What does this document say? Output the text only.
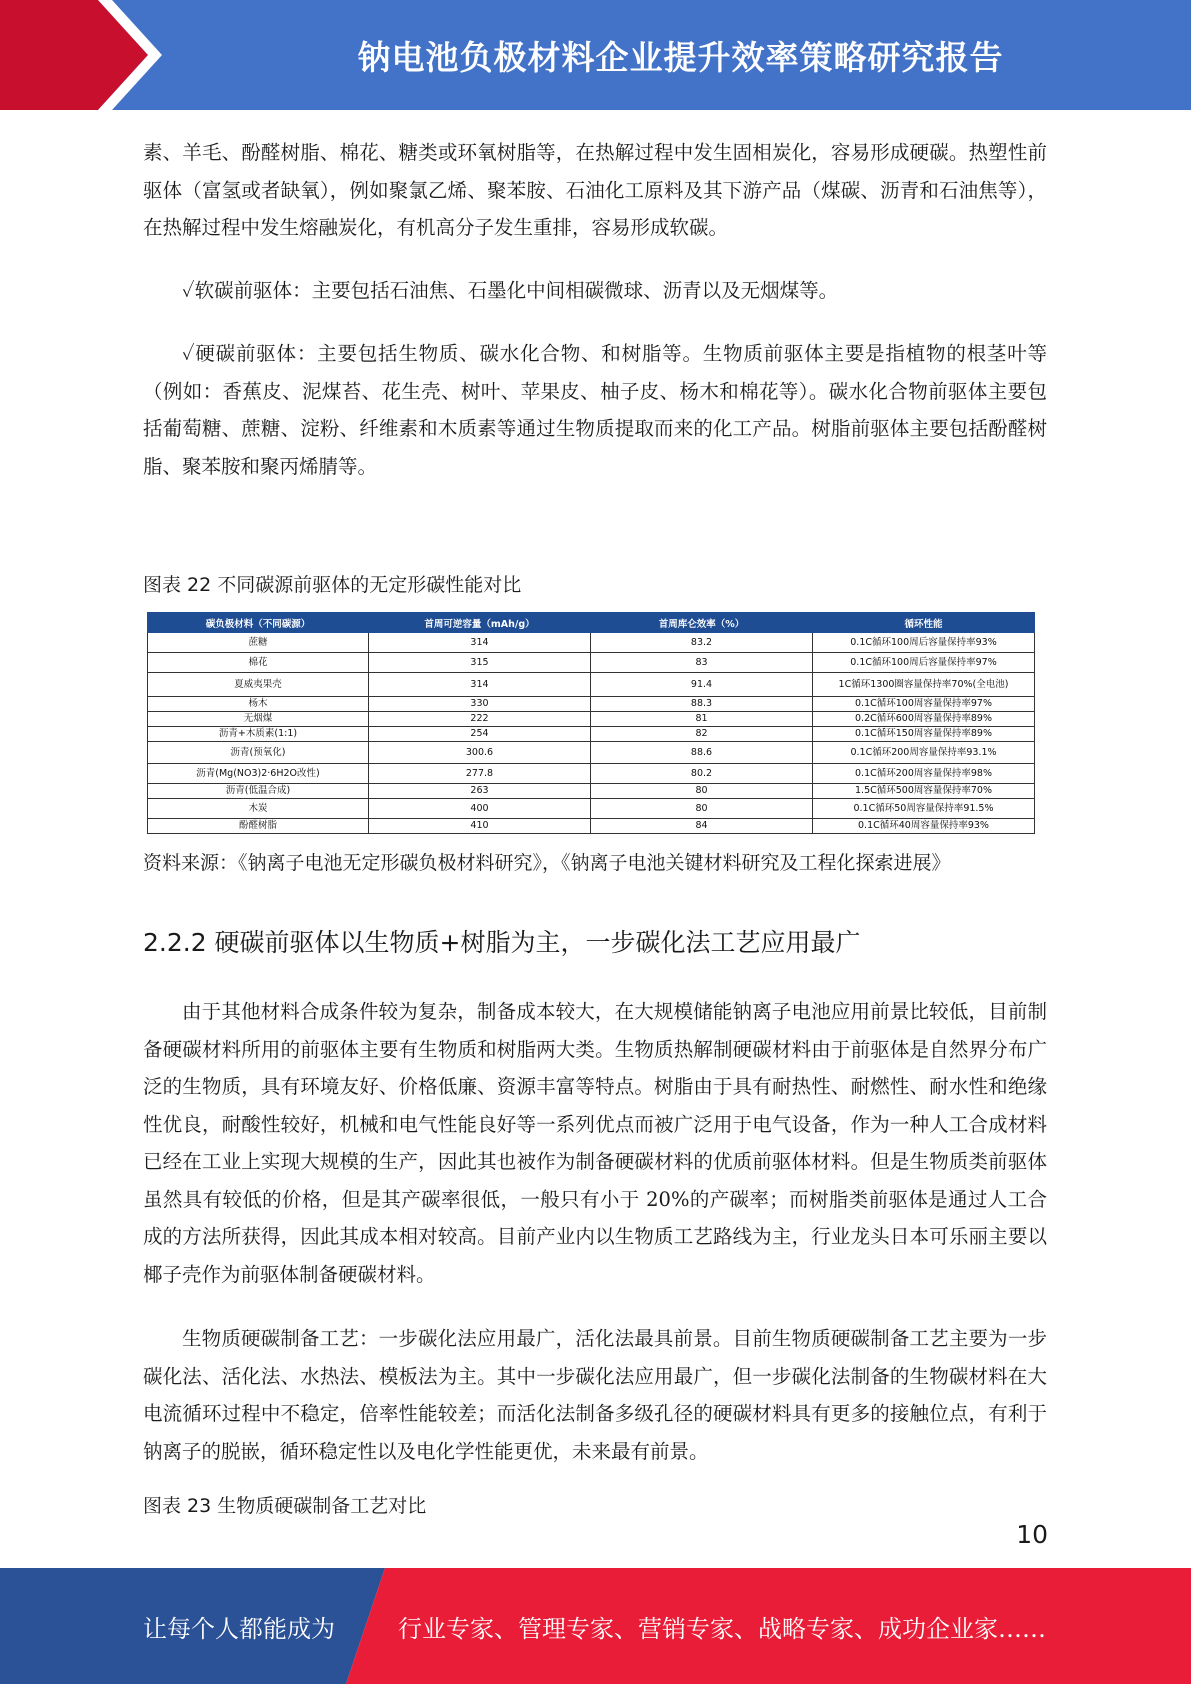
钠电池负极材料企业提升效率策略研究报告

素、羊毛、酚醛树脂、棉花、糖类或环氧树脂等，在热解过程中发生固相炭化，容易形成硬碳。热塑性前驱体（富氢或者缺氧），例如聚氯乙烯、聚苯胺、石油化工原料及其下游产品（煤碳、沥青和石油焦等），在热解过程中发生熔融炭化，有机高分子发生重排，容易形成软碳。

✓软碳前驱体：主要包括石油焦、石墨化中间相碳微球、沥青以及无烟煤等。

✓硬碳前驱体：主要包括生物质、碳水化合物、和树脂等。生物质前驱体主要是指植物的根茎叶等（例如：香蕉皮、泥煤苔、花生壳、树叶、苹果皮、柚子皮、杨木和棉花等）。碳水化合物前驱体主要包括葡萄糖、蔗糖、淀粉、纤维素和木质素等通过生物质提取而来的化工产品。树脂前驱体主要包括酚醛树脂、聚苯胺和聚丙烯腈等。

图表 22 不同碳源前驱体的无定形碳性能对比

碳负极材料（不同碳源）	首周可逆容量（mAh/g）	首周库仑效率（%）	循环性能
蔗糖	314	83.2	0.1C循环100周后容量保持率93%
棉花	315	83	0.1C循环100周后容量保持率97%
夏威夷果壳	314	91.4	1C循环1300圈容量保持率70%(全电池)
杨木	330	88.3	0.1C循环100周容量保持率97%
无烟煤	222	81	0.2C循环600周容量保持率89%
沥青+木质素(1:1)	254	82	0.1C循环150周容量保持率89%
沥青(预氧化)	300.6	88.6	0.1C循环200周容量保持率93.1%
沥青(Mg(NO3)2·6H2O改性)	277.8	80.2	0.1C循环200周容量保持率98%
沥青(低温合成)	263	80	1.5C循环500周容量保持率70%
木炭	400	80	0.1C循环50周容量保持率91.5%
酚醛树脂	410	84	0.1C循环40周容量保持率93%

资料来源：《钠离子电池无定形碳负极材料研究》，《钠离子电池关键材料研究及工程化探索进展》

2.2.2 硬碳前驱体以生物质+树脂为主，一步碳化法工艺应用最广

由于其他材料合成条件较为复杂，制备成本较大，在大规模储能钠离子电池应用前景比较低，目前制备硬碳材料所用的前驱体主要有生物质和树脂两大类。生物质热解制硬碳材料由于前驱体是自然界分布广泛的生物质，具有环境友好、价格低廉、资源丰富等特点。树脂由于具有耐热性、耐燃性、耐水性和绝缘性优良，耐酸性较好，机械和电气性能良好等一系列优点而被广泛用于电气设备，作为一种人工合成材料已经在工业上实现大规模的生产，因此其也被作为制备硬碳材料的优质前驱体材料。但是生物质类前驱体虽然具有较低的价格，但是其产碳率很低，一般只有小于 20%的产碳率；而树脂类前驱体是通过人工合成的方法所获得，因此其成本相对较高。目前产业内以生物质工艺路线为主，行业龙头日本可乐丽主要以椰子壳作为前驱体制备硬碳材料。

生物质硬碳制备工艺：一步碳化法应用最广，活化法最具前景。目前生物质硬碳制备工艺主要为一步碳化法、活化法、水热法、模板法为主。其中一步碳化法应用最广，但一步碳化法制备的生物碳材料在大电流循环过程中不稳定，倍率性能较差；而活化法制备多级孔径的硬碳材料具有更多的接触位点，有利于钠离子的脱嵌，循环稳定性以及电化学性能更优，未来最有前景。

图表 23 生物质硬碳制备工艺对比

10
让每个人都能成为	行业专家、管理专家、营销专家、战略专家、成功企业家……
